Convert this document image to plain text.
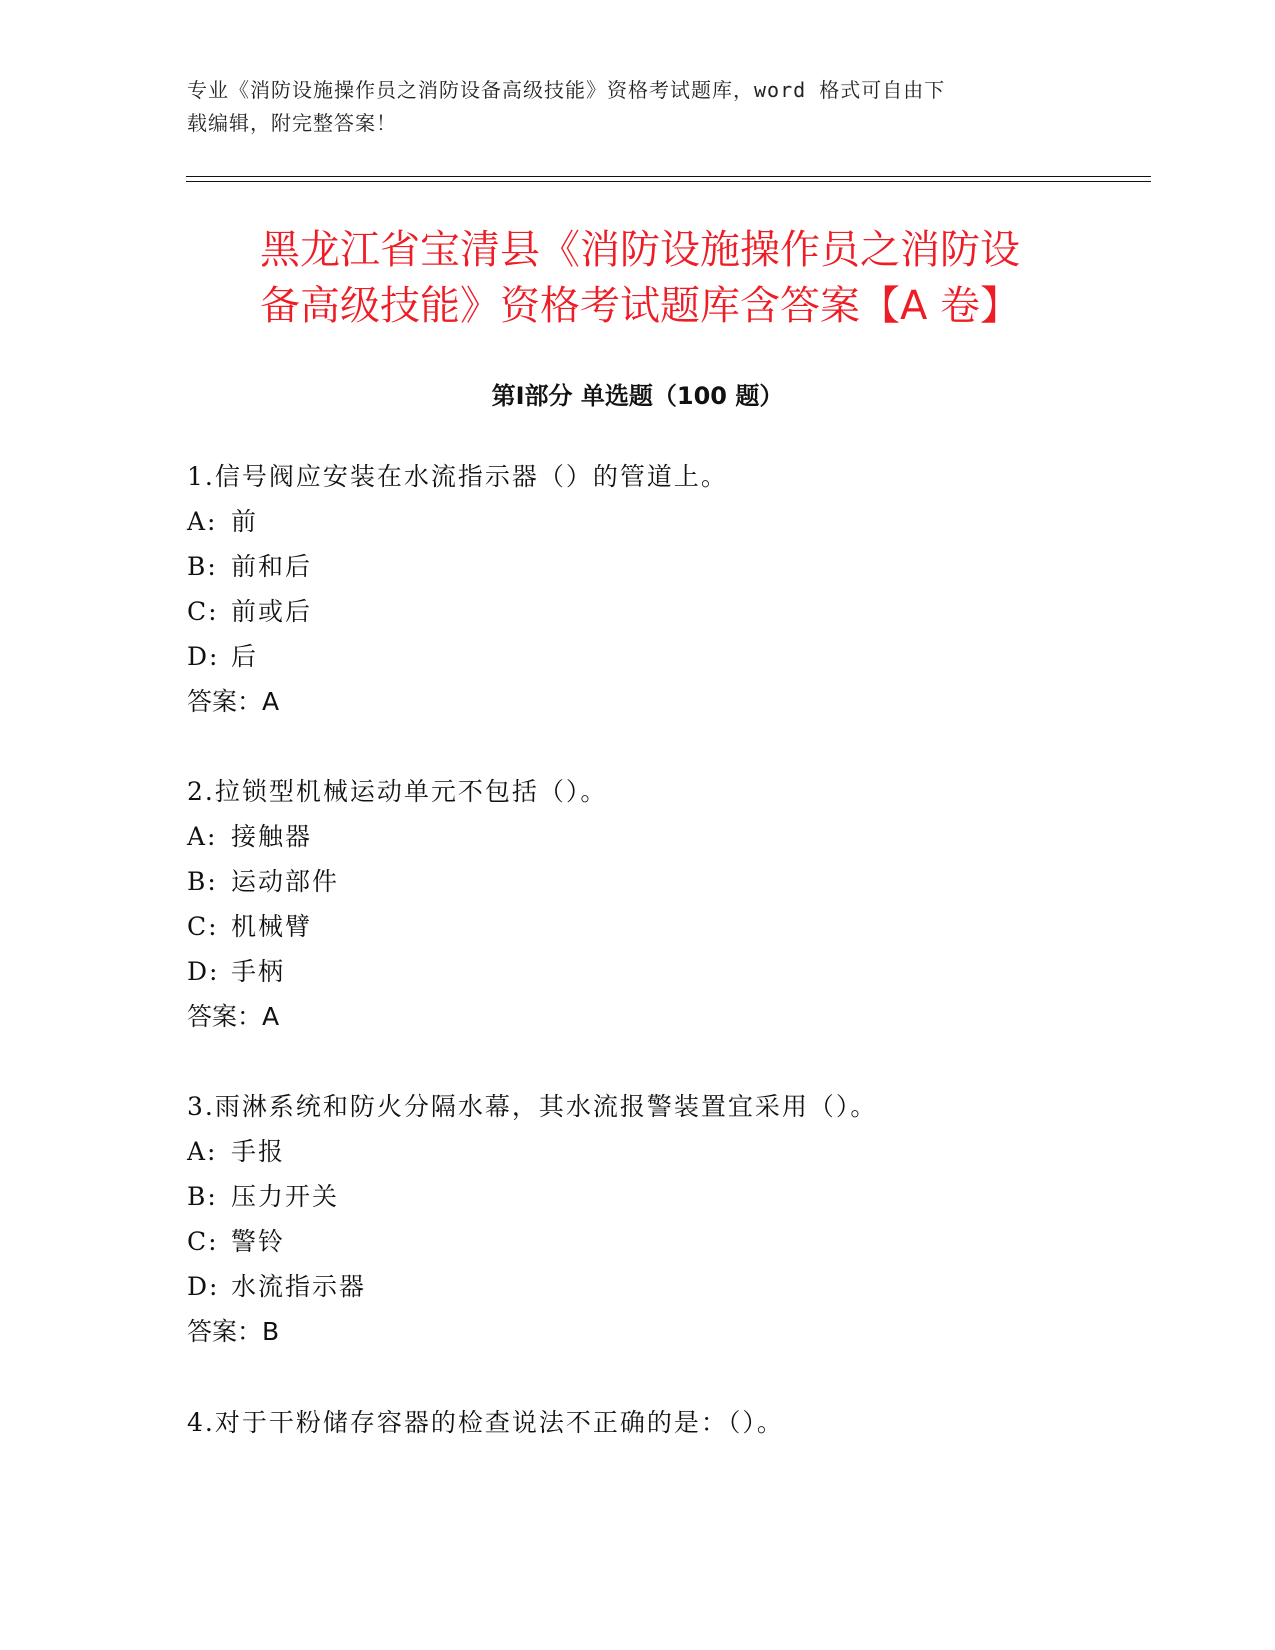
专业《消防设施操作员之消防设备高级技能》资格考试题库，word 格式可自由下
载编辑，附完整答案！
黑龙江省宝清县《消防设施操作员之消防设
备高级技能》资格考试题库含答案【A 卷】
第Ⅰ部分 单选题（100 题）
1.信号阀应安装在水流指示器（）的管道上。
A: 前
B: 前和后
C: 前或后
D: 后
答案：A
2.拉锁型机械运动单元不包括（）。
A: 接触器
B: 运动部件
C: 机械臂
D: 手柄
答案：A
3.雨淋系统和防火分隔水幕，其水流报警装置宜采用（）。
A: 手报
B: 压力开关
C: 警铃
D: 水流指示器
答案：B
4.对于干粉储存容器的检查说法不正确的是：（）。
